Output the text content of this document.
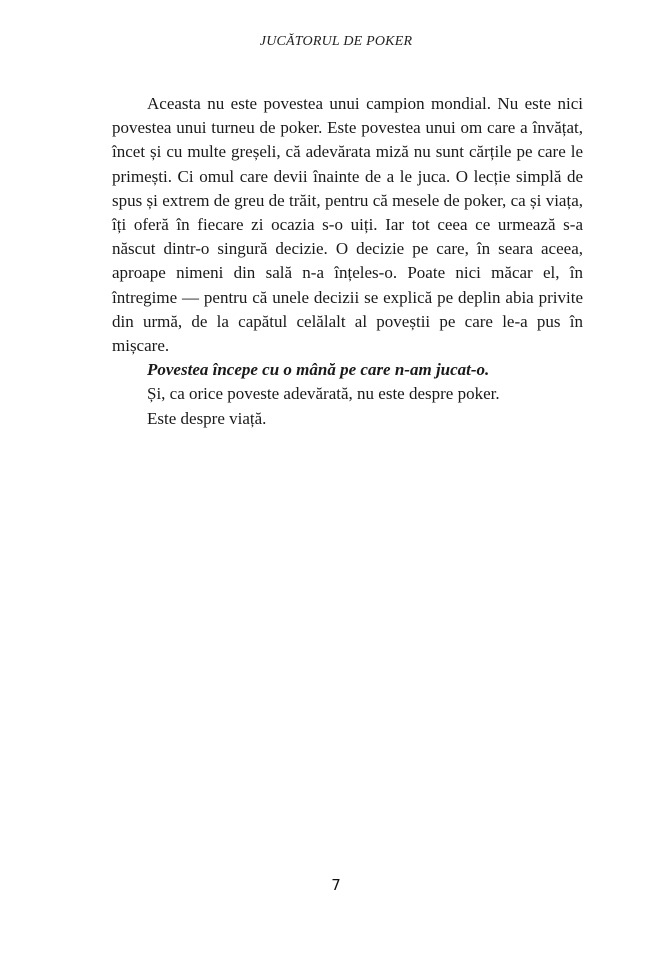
JUCĂTORUL DE POKER

Aceasta nu este povestea unui campion mondial. Nu este nici povestea unui turneu de poker. Este povestea unui om care a învățat, încet și cu multe greșeli, că adevărata miză nu sunt cărțile pe care le primești. Ci omul care devii înainte de a le juca. O lecție simplă de spus și extrem de greu de trăit, pentru că mesele de poker, ca și viața, îți oferă în fiecare zi ocazia s-o uiți. Iar tot ceea ce urmează s-a născut dintr-o singură decizie. O decizie pe care, în seara aceea, aproape nimeni din sală n-a înțeles-o. Poate nici măcar el, în întregime — pentru că unele decizii se explică pe deplin abia privite din urmă, de la capătul celălalt al poveștii pe care le-a pus în mișcare.

Povestea începe cu o mână pe care n-am jucat-o.

Și, ca orice poveste adevărată, nu este despre poker.

Este despre viață.

7
